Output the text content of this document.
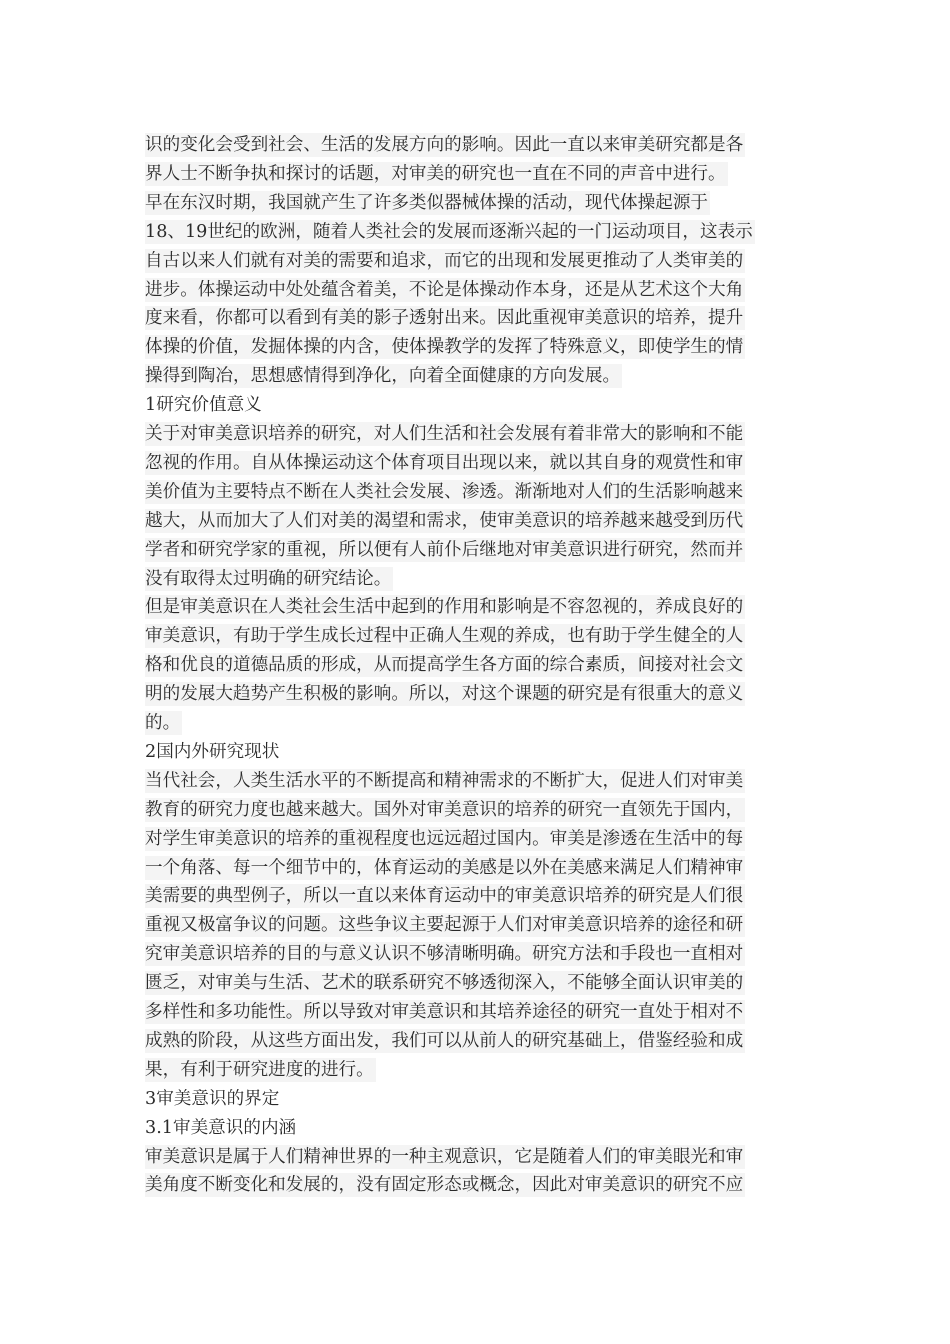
识的变化会受到社会、生活的发展方向的影响。因此一直以来审美研究都是各
界人士不断争执和探讨的话题，对审美的研究也一直在不同的声音中进行。
早在东汉时期，我国就产生了许多类似器械体操的活动，现代体操起源于
18、19世纪的欧洲，随着人类社会的发展而逐渐兴起的一门运动项目，这表示
自古以来人们就有对美的需要和追求，而它的出现和发展更推动了人类审美的
进步。体操运动中处处蕴含着美，不论是体操动作本身，还是从艺术这个大角
度来看，你都可以看到有美的影子透射出来。因此重视审美意识的培养，提升
体操的价值，发掘体操的内含，使体操教学的发挥了特殊意义，即使学生的情
操得到陶冶，思想感情得到净化，向着全面健康的方向发展。
1研究价值意义
关于对审美意识培养的研究，对人们生活和社会发展有着非常大的影响和不能
忽视的作用。自从体操运动这个体育项目出现以来，就以其自身的观赏性和审
美价值为主要特点不断在人类社会发展、渗透。渐渐地对人们的生活影响越来
越大，从而加大了人们对美的渴望和需求，使审美意识的培养越来越受到历代
学者和研究学家的重视，所以便有人前仆后继地对审美意识进行研究，然而并
没有取得太过明确的研究结论。
但是审美意识在人类社会生活中起到的作用和影响是不容忽视的，养成良好的
审美意识，有助于学生成长过程中正确人生观的养成，也有助于学生健全的人
格和优良的道德品质的形成，从而提高学生各方面的综合素质，间接对社会文
明的发展大趋势产生积极的影响。所以，对这个课题的研究是有很重大的意义
的。
2国内外研究现状
当代社会，人类生活水平的不断提高和精神需求的不断扩大，促进人们对审美
教育的研究力度也越来越大。国外对审美意识的培养的研究一直领先于国内，
对学生审美意识的培养的重视程度也远远超过国内。审美是渗透在生活中的每
一个角落、每一个细节中的，体育运动的美感是以外在美感来满足人们精神审
美需要的典型例子，所以一直以来体育运动中的审美意识培养的研究是人们很
重视又极富争议的问题。这些争议主要起源于人们对审美意识培养的途径和研
究审美意识培养的目的与意义认识不够清晰明确。研究方法和手段也一直相对
匮乏，对审美与生活、艺术的联系研究不够透彻深入，不能够全面认识审美的
多样性和多功能性。所以导致对审美意识和其培养途径的研究一直处于相对不
成熟的阶段，从这些方面出发，我们可以从前人的研究基础上，借鉴经验和成
果，有利于研究进度的进行。
3审美意识的界定
3.1审美意识的内涵
审美意识是属于人们精神世界的一种主观意识，它是随着人们的审美眼光和审
美角度不断变化和发展的，没有固定形态或概念，因此对审美意识的研究不应
